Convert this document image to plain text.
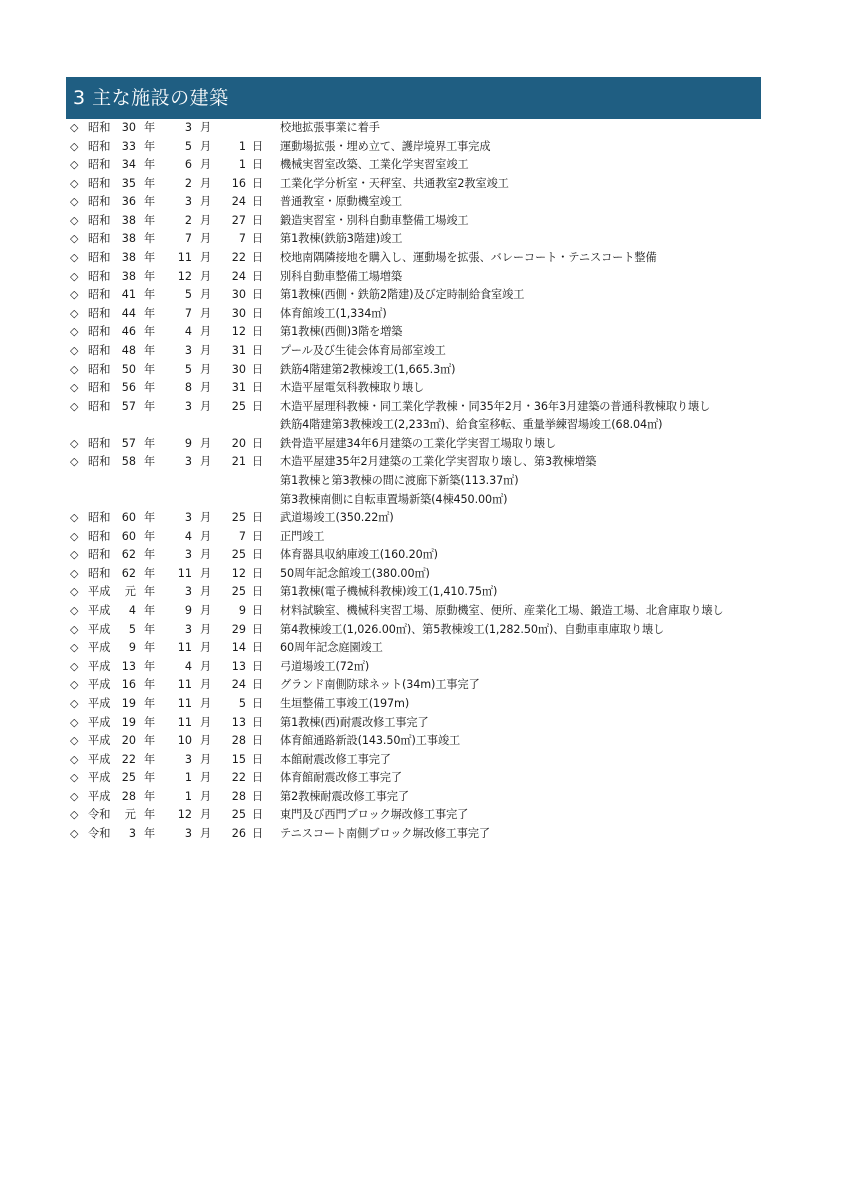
3 主な施設の建築
◇ 昭和	30 年	3 月	校地拡張事業に着手
◇ 昭和	33 年	5 月	1 日 運動場拡張・埋め立て、護岸境界工事完成
◇ 昭和	34 年	6 月	1 日 機械実習室改築、工業化学実習室竣工
◇ 昭和	35 年	2 月	16 日 工業化学分析室・天秤室、共通教室2教室竣工
◇ 昭和	36 年	3 月	24 日 普通教室・原動機室竣工
◇ 昭和	38 年	2 月	27 日 鍛造実習室・別科自動車整備工場竣工
◇ 昭和	38 年	7 月	7 日 第1教棟(鉄筋3階建)竣工
◇ 昭和	38 年	11 月	22 日 校地南隅隣接地を購入し、運動場を拡張、バレーコート・テニスコート整備
◇ 昭和	38 年	12 月	24 日 別科自動車整備工場増築
◇ 昭和	41 年	5 月	30 日 第1教棟(西側・鉄筋2階建)及び定時制給食室竣工
◇ 昭和	44 年	7 月	30 日 体育館竣工(1,334㎡)
◇ 昭和	46 年	4 月	12 日 第1教棟(西側)3階を増築
◇ 昭和	48 年	3 月	31 日 プール及び生徒会体育局部室竣工
◇ 昭和	50 年	5 月	30 日 鉄筋4階建第2教棟竣工(1,665.3㎡)
◇ 昭和	56 年	8 月	31 日 木造平屋電気科教棟取り壊し
◇ 昭和	57 年	3 月	25 日 木造平屋理科教棟・同工業化学教棟・同35年2月・36年3月建築の普通科教棟取り壊し
鉄筋4階建第3教棟竣工(2,233㎡)、給食室移転、重量挙練習場竣工(68.04㎡)
◇ 昭和	57 年	9 月	20 日 鉄骨造平屋建34年6月建築の工業化学実習工場取り壊し
◇ 昭和	58 年	3 月	21 日 木造平屋建35年2月建築の工業化学実習取り壊し、第3教棟増築
第1教棟と第3教棟の間に渡廊下新築(113.37㎡)
第3教棟南側に自転車置場新築(4棟450.00㎡)
◇ 昭和	60 年	3 月	25 日 武道場竣工(350.22㎡)
◇ 昭和	60 年	4 月	7 日 正門竣工
◇ 昭和	62 年	3 月	25 日 体育器具収納庫竣工(160.20㎡)
◇ 昭和	62 年	11 月	12 日 50周年記念館竣工(380.00㎡)
◇ 平成	元 年	3 月	25 日 第1教棟(電子機械科教棟)竣工(1,410.75㎡)
◇ 平成	4 年	9 月	9 日 材料試験室、機械科実習工場、原動機室、便所、産業化工場、鍛造工場、北倉庫取り壊し
◇ 平成	5 年	3 月	29 日 第4教棟竣工(1,026.00㎡)、第5教棟竣工(1,282.50㎡)、自動車車庫取り壊し
◇ 平成	9 年	11 月	14 日 60周年記念庭園竣工
◇ 平成	13 年	4 月	13 日 弓道場竣工(72㎡)
◇ 平成	16 年	11 月	24 日 グランド南側防球ネット(34m)工事完了
◇ 平成	19 年	11 月	5 日 生垣整備工事竣工(197m)
◇ 平成	19 年	11 月	13 日 第1教棟(西)耐震改修工事完了
◇ 平成	20 年	10 月	28 日 体育館通路新設(143.50㎡)工事竣工
◇ 平成	22 年	3 月	15 日 本館耐震改修工事完了
◇ 平成	25 年	1 月	22 日 体育館耐震改修工事完了
◇ 平成	28 年	1 月	28 日 第2教棟耐震改修工事完了
◇ 令和	元 年	12 月	25 日 東門及び西門ブロック塀改修工事完了
◇ 令和	3 年	3 月	26 日 テニスコート南側ブロック塀改修工事完了
